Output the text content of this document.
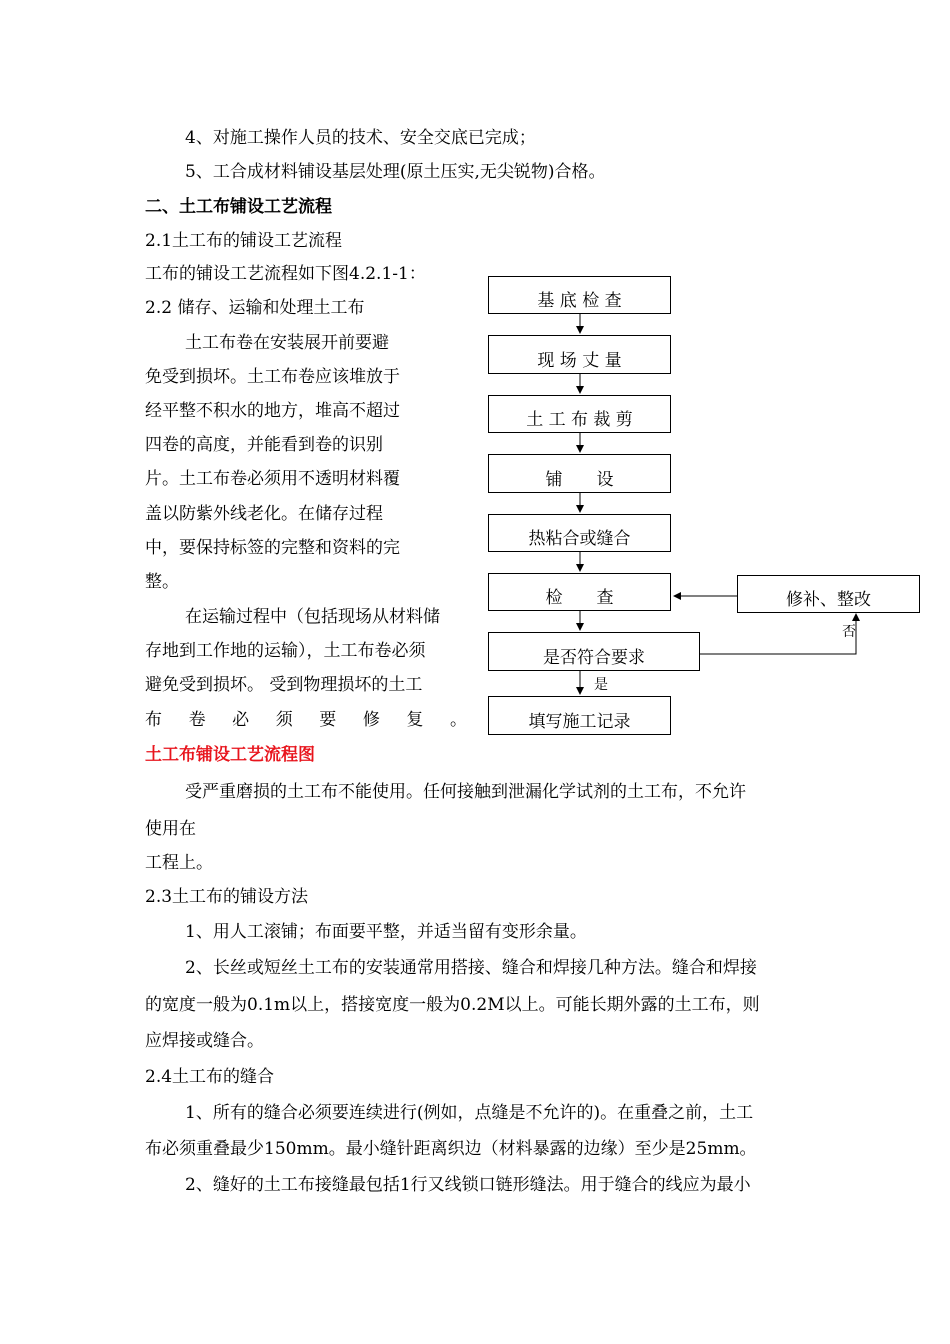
4、对施工操作人员的技术、安全交底已完成；
5、工合成材料铺设基层处理(原土压实,无尖锐物)合格。
二、土工布铺设工艺流程
2.1土工布的铺设工艺流程
工布的铺设工艺流程如下图4.2.1-1：
2.2 储存、运输和处理土工布
土工布卷在安装展开前要避
免受到损坏。土工布卷应该堆放于
经平整不积水的地方，堆高不超过
四卷的高度，并能看到卷的识别
片。土工布卷必须用不透明材料覆
盖以防紫外线老化。在储存过程
中，要保持标签的完整和资料的完
整。
在运输过程中（包括现场从材料储
存地到工作地的运输），土工布卷必须
避免受到损坏。 受到物理损坏的土工
布 卷 必 须 要 修 复 。
土工布铺设工艺流程图
受严重磨损的土工布不能使用。任何接触到泄漏化学试剂的土工布，不允许
使用在
工程上。
2.3土工布的铺设方法
1、用人工滚铺；布面要平整，并适当留有变形余量。
2、长丝或短丝土工布的安装通常用搭接、缝合和焊接几种方法。缝合和焊接
的宽度一般为0.1m以上，搭接宽度一般为0.2M以上。可能长期外露的土工布，则
应焊接或缝合。
2.4土工布的缝合
1、所有的缝合必须要连续进行(例如，点缝是不允许的)。在重叠之前，土工
布必须重叠最少150mm。最小缝针距离织边（材料暴露的边缘）至少是25mm。
2、缝好的土工布接缝最包括1行又线锁口链形缝法。用于缝合的线应为最小
基 底 检 查
现 场 丈 量
土 工 布 裁 剪
铺　　设
热粘合或缝合
检　　查
是否符合要求
填写施工记录
修补、整改
否
是
